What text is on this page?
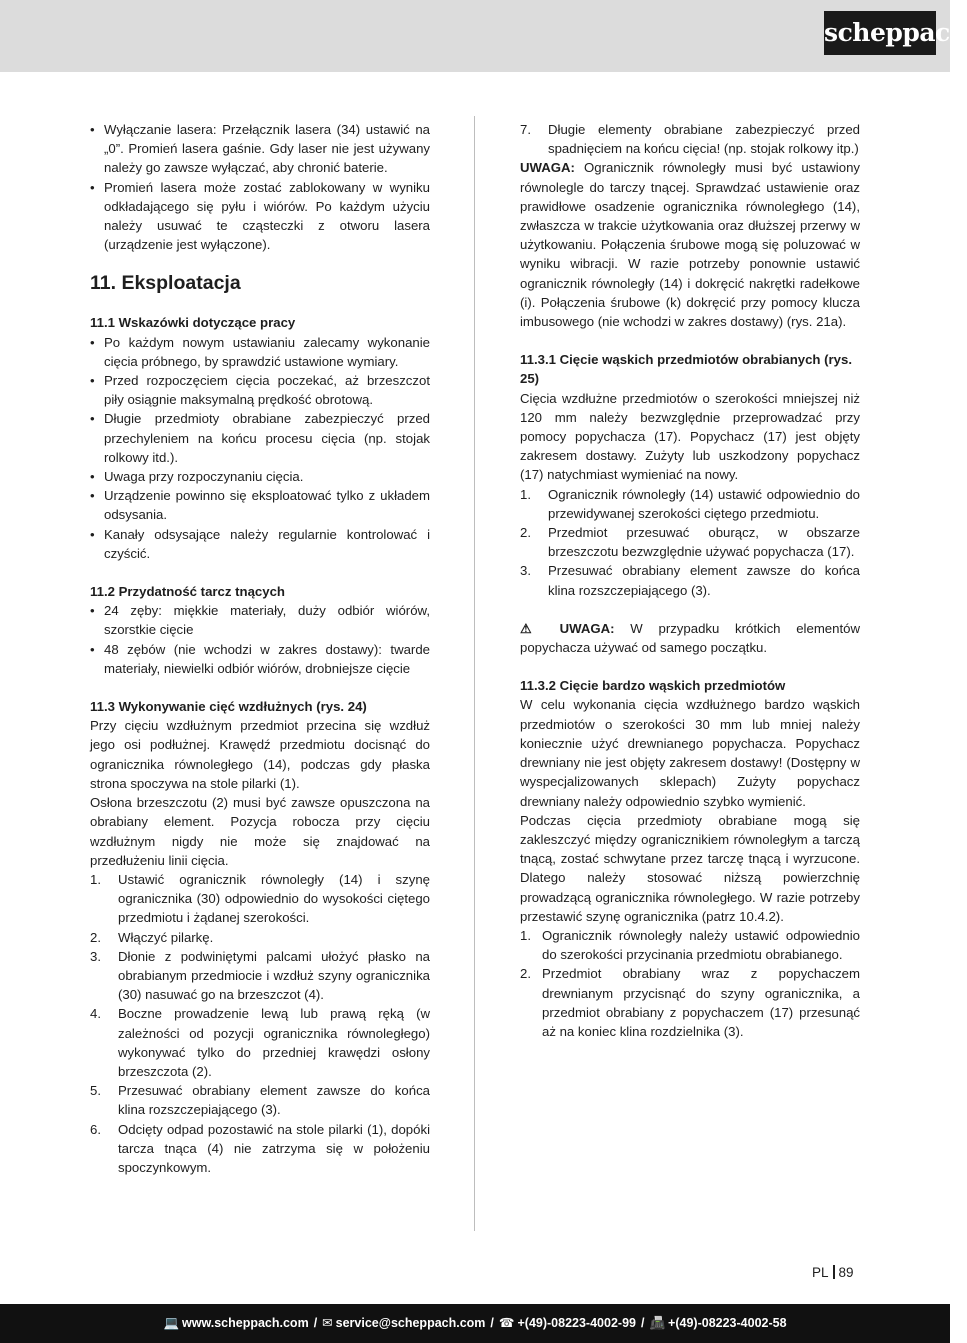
scheppach
• Wyłączanie lasera: Przełącznik lasera (34) ustawić na „0”. Promień lasera gaśnie. Gdy laser nie jest używany należy go zawsze wyłączać, aby chronić baterie.
• Promień lasera może zostać zablokowany w wyniku odkładającego się pyłu i wiórów. Po każdym użyciu należy usuwać te cząsteczki z otworu lasera (urządzenie jest wyłączone).
11. Eksploatacja
11.1 Wskazówki dotyczące pracy
• Po każdym nowym ustawianiu zalecamy wykonanie cięcia próbnego, by sprawdzić ustawione wymiary.
• Przed rozpoczęciem cięcia poczekać, aż brzeszczot piły osiągnie maksymalną prędkość obrotową.
• Długie przedmioty obrabiane zabezpieczyć przed przechyleniem na końcu procesu cięcia (np. stojak rolkowy itd.).
• Uwaga przy rozpoczynaniu cięcia.
• Urządzenie powinno się eksploatować tylko z układem odsysania.
• Kanały odsysające należy regularnie kontrolować i czyścić.
11.2 Przydatność tarcz tnących
• 24 zęby: miękkie materiały, duży odbiór wiórów, szorstkie cięcie
• 48 zębów (nie wchodzi w zakres dostawy): twarde materiały, niewielki odbiór wiórów, drobniejsze cięcie
11.3 Wykonywanie cięć wzdłużnych (rys. 24)

Przy cięciu wzdłużnym przedmiot przecina się wzdłuż jego osi podłużnej. Krawędź przedmiotu docisnąć do ogranicznika równoległego (14), podczas gdy płaska strona spoczywa na stole pilarki (1).

Osłona brzeszczotu (2) musi być zawsze opuszczona na obrabiany element. Pozycja robocza przy cięciu wzdłużnym nigdy nie może się znajdować na przedłużeniu linii cięcia.

1. Ustawić ogranicznik równoległy (14) i szynę ogranicznika (30) odpowiednio do wysokości ciętego przedmiotu i żądanej szerokości.
2. Włączyć pilarkę.
3. Dłonie z podwiniętymi palcami ułożyć płasko na obrabianym przedmiocie i wzdłuż szyny ogranicznika (30) nasuwać go na brzeszczot (4).
4. Boczne prowadzenie lewą lub prawą ręką (w zależności od pozycji ogranicznika równoległego) wykonywać tylko do przedniej krawędzi osłony brzeszczota (2).
5. Przesuwać obrabiany element zawsze do końca klina rozszczepiającego (3).
6. Odcięty odpad pozostawić na stole pilarki (1), dopóki tarcza tnąca (4) nie zatrzyma się w położeniu spoczynkowym.
7. Długie elementy obrabiane zabezpieczyć przed spadnięciem na końcu cięcia! (np. stojak rolkowy itp.)

UWAGA: Ogranicznik równoległy musi być ustawiony równolegle do tarczy tnącej. Sprawdzać ustawienie oraz prawidłowe osadzenie ogranicznika równoległego (14), zwłaszcza w trakcie użytkowania oraz dłuższej przerwy w użytkowaniu. Połączenia śrubowe mogą się poluzować w wyniku wibracji. W razie potrzeby ponownie ustawić ogranicznik równoległy (14) i dokręcić nakrętki radełkowe (i). Połączenia śrubowe (k) dokręcić przy pomocy klucza imbusowego (nie wchodzi w zakres dostawy) (rys. 21a).

11.3.1 Cięcie wąskich przedmiotów obrabianych (rys. 25)

Cięcia wzdłużne przedmiotów o szerokości mniejszej niż 120 mm należy bezwzględnie przeprowadzać przy pomocy popychacza (17). Popychacz (17) jest objęty zakresem dostawy. Zużyty lub uszkodzony popychacz (17) natychmiast wymieniać na nowy.

1. Ogranicznik równoległy (14) ustawić odpowiednio do przewidywanej szerokości ciętego przedmiotu.
2. Przedmiot przesuwać oburącz, w obszarze brzeszczotu bezwzględnie używać popychacza (17).
3. Przesuwać obrabiany element zawsze do końca klina rozszczepiającego (3).

⚠ UWAGA: W przypadku krótkich elementów popychacza używać od samego początku.

11.3.2 Cięcie bardzo wąskich przedmiotów

W celu wykonania cięcia wzdłużnego bardzo wąskich przedmiotów o szerokości 30 mm lub mniej należy koniecznie użyć drewnianego popychacza. Popychacz drewniany nie jest objęty zakresem dostawy! (Dostępny w wyspecjalizowanych sklepach) Zużyty popychacz drewniany należy odpowiednio szybko wymienić.

Podczas cięcia przedmioty obrabiane mogą się zakleszczyć między ogranicznikiem równoległym a tarczą tnącą, zostać schwytane przez tarczę tnącą i wyrzucone. Dlatego należy stosować niższą powierzchnię prowadzącą ogranicznika równoległego. W razie potrzeby przestawić szynę ogranicznika (patrz 10.4.2).

1. Ogranicznik równoległy należy ustawić odpowiednio do szerokości przycinania przedmiotu obrabianego.
2. Przedmiot obrabiany wraz z popychaczem drewnianym przycisnąć do szyny ogranicznika, a przedmiot obrabiany z popychaczem (17) przesunąć aż na koniec klina rozdzielnika (3).
PL 89
💻 www.scheppach.com / ✉ service@scheppach.com / ☎ +(49)-08223-4002-99 / 📠 +(49)-08223-4002-58
